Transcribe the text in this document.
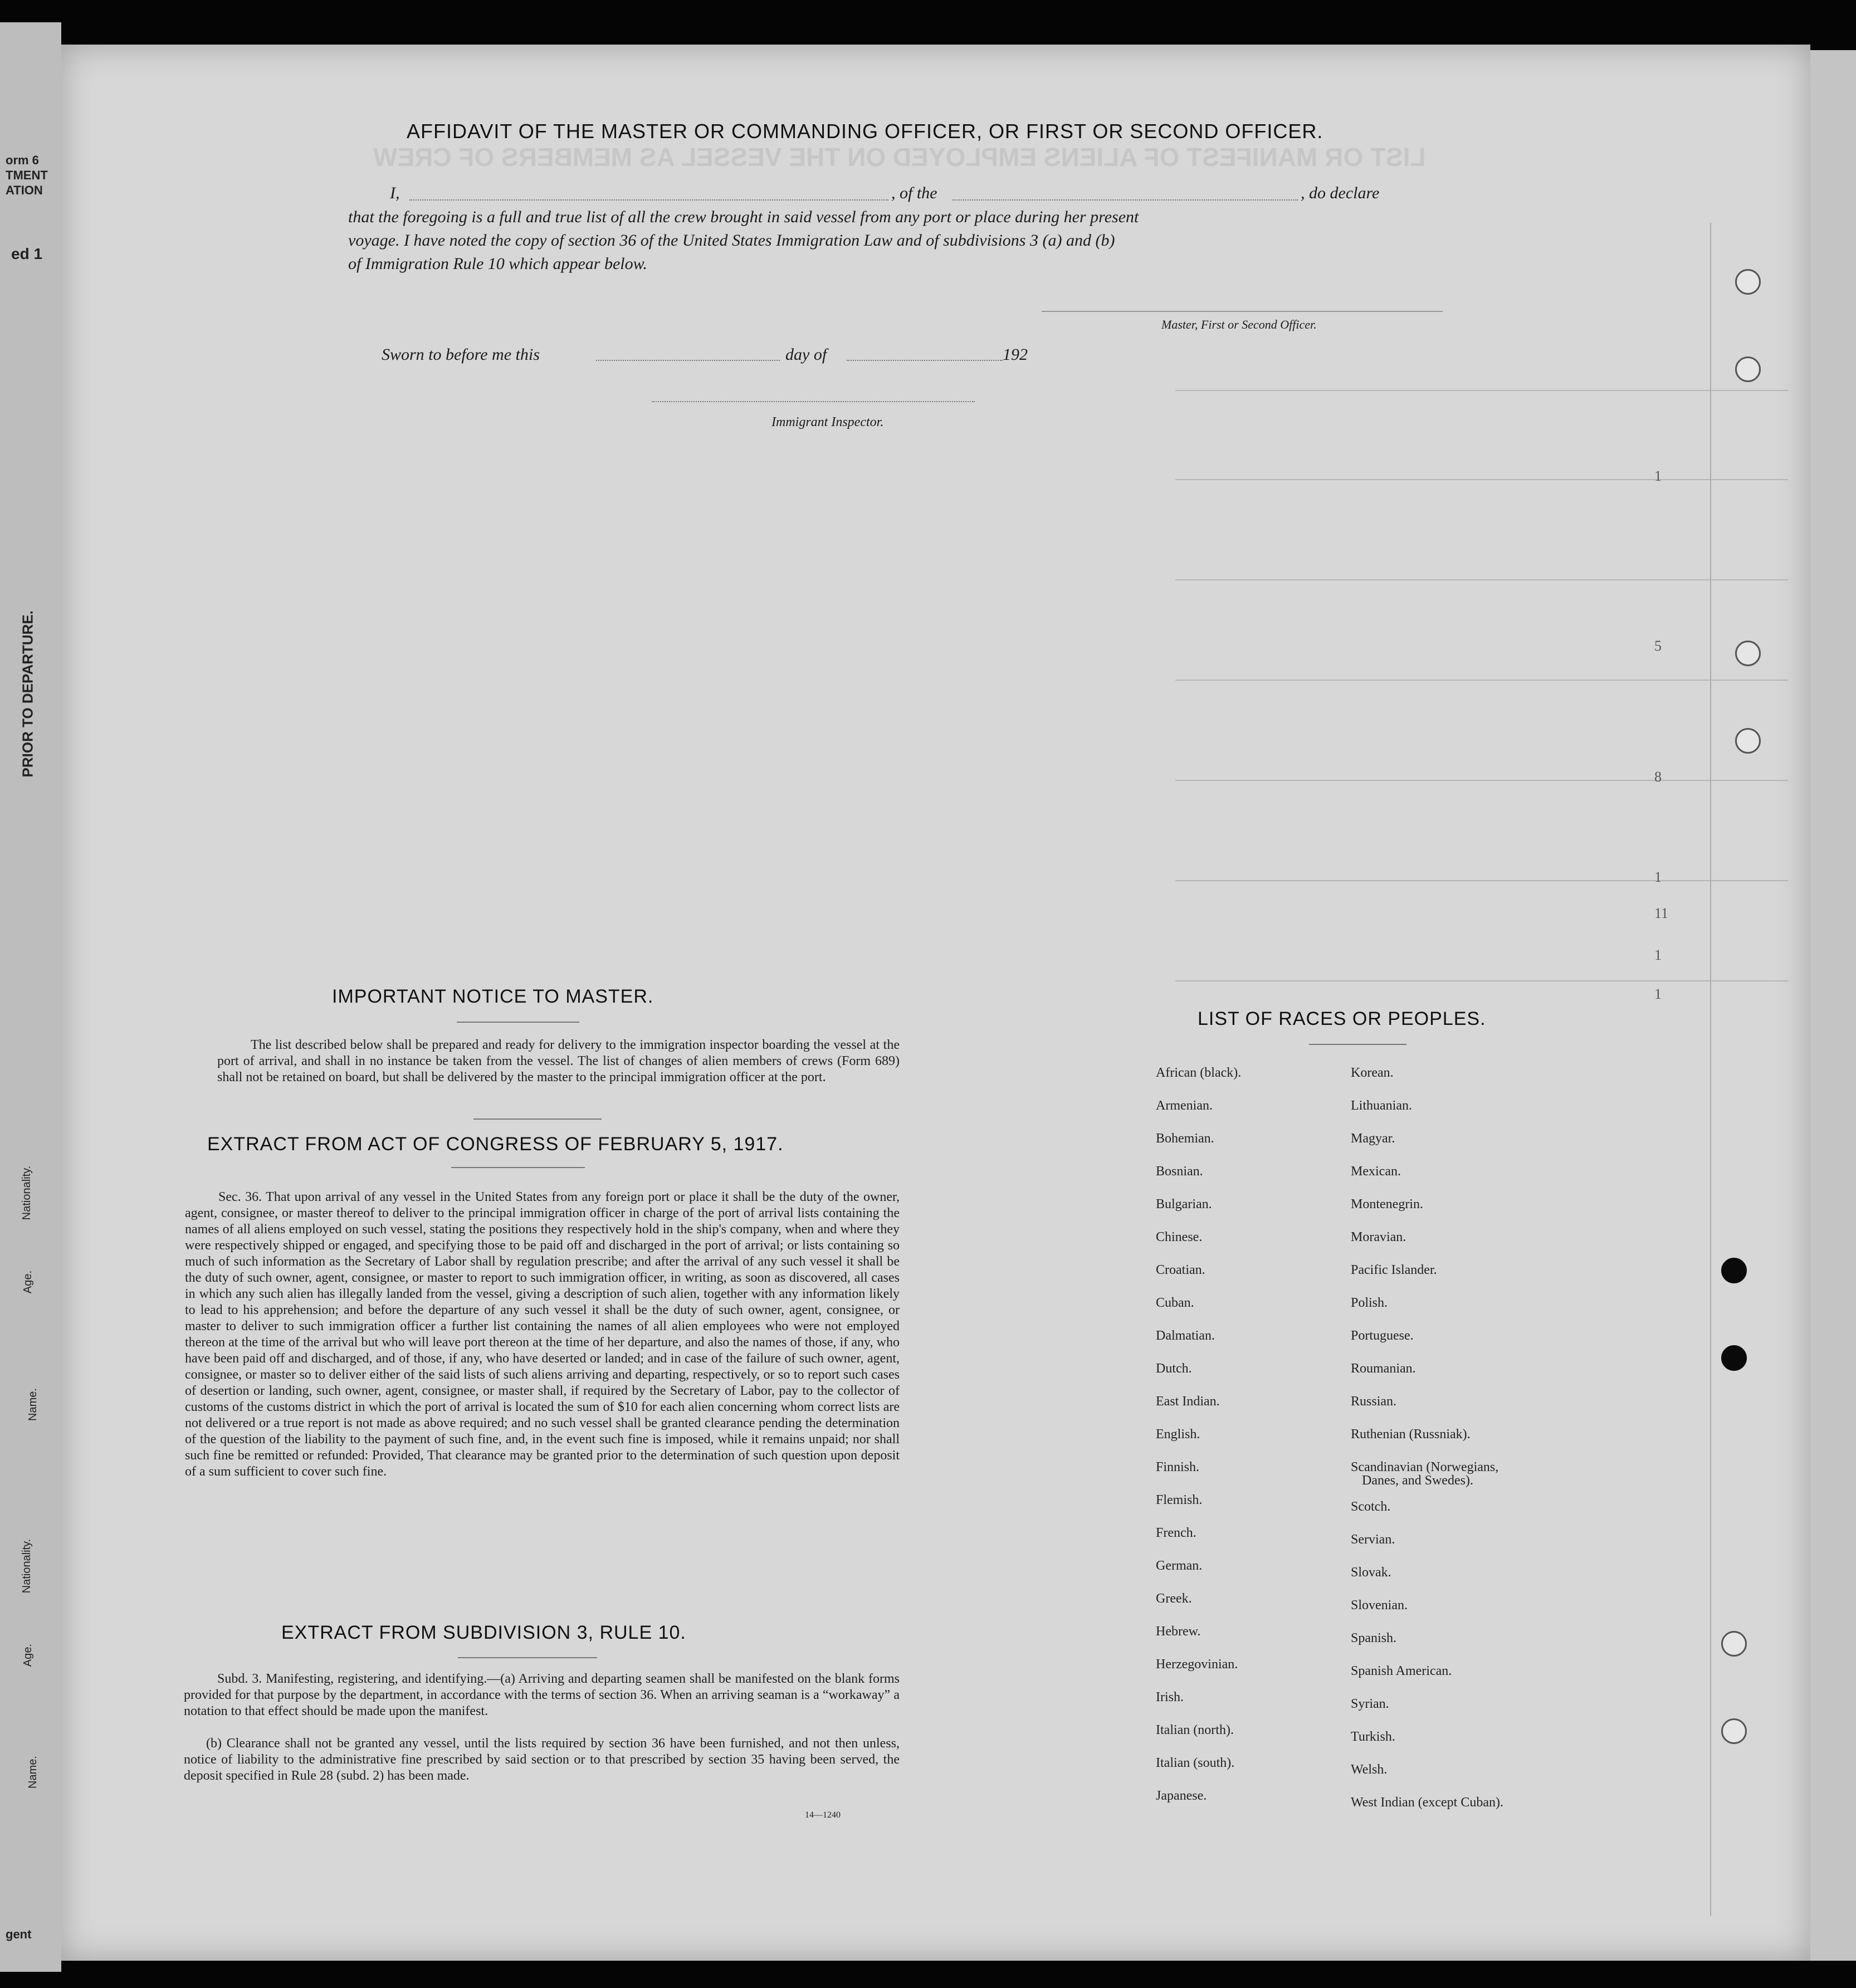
orm 6
TMENT
ATION
ed 1
PRIOR TO DEPARTURE.
Nationality.
Age.
Name.
Nationality.
Age.
Name.
gent
LIST OR MANIFEST OF ALIENS EMPLOYED ON THE VESSEL AS MEMBERS OF CREW
AFFIDAVIT OF THE MASTER OR COMMANDING OFFICER, OR FIRST OR SECOND OFFICER.
I,	, of the	, do declare
that the foregoing is a full and true list of all the crew brought in said vessel from any port or place during her present
voyage. I have noted the copy of section 36 of the United States Immigration Law and of subdivisions 3 (a) and (b)
of Immigration Rule 10 which appear below.
Master, First or Second Officer.
Sworn to before me this	day of	192
Immigrant Inspector.
IMPORTANT NOTICE TO MASTER.
The list described below shall be prepared and ready for delivery to the immigration inspector boarding the vessel at the port of arrival, and shall in no instance be taken from the vessel. The list of changes of alien members of crews (Form 689) shall not be retained on board, but shall be delivered by the master to the principal immigration officer at the port.
EXTRACT FROM ACT OF CONGRESS OF FEBRUARY 5, 1917.
Sec. 36. That upon arrival of any vessel in the United States from any foreign port or place it shall be the duty of the owner, agent, consignee, or master thereof to deliver to the principal immigration officer in charge of the port of arrival lists containing the names of all aliens employed on such vessel, stating the positions they respectively hold in the ship's company, when and where they were respectively shipped or engaged, and specifying those to be paid off and discharged in the port of arrival; or lists containing so much of such information as the Secretary of Labor shall by regulation prescribe; and after the arrival of any such vessel it shall be the duty of such owner, agent, consignee, or master to report to such immigration officer, in writing, as soon as discovered, all cases in which any such alien has illegally landed from the vessel, giving a description of such alien, together with any information likely to lead to his apprehension; and before the departure of any such vessel it shall be the duty of such owner, agent, consignee, or master to deliver to such immigration officer a further list containing the names of all alien employees who were not employed thereon at the time of the arrival but who will leave port thereon at the time of her departure, and also the names of those, if any, who have been paid off and discharged, and of those, if any, who have deserted or landed; and in case of the failure of such owner, agent, consignee, or master so to deliver either of the said lists of such aliens arriving and departing, respectively, or so to report such cases of desertion or landing, such owner, agent, consignee, or master shall, if required by the Secretary of Labor, pay to the collector of customs of the customs district in which the port of arrival is located the sum of $10 for each alien concerning whom correct lists are not delivered or a true report is not made as above required; and no such vessel shall be granted clearance pending the determination of the question of the liability to the payment of such fine, and, in the event such fine is imposed, while it remains unpaid; nor shall such fine be remitted or refunded: Provided, That clearance may be granted prior to the determination of such question upon deposit of a sum sufficient to cover such fine.
EXTRACT FROM SUBDIVISION 3, RULE 10.
Subd. 3. Manifesting, registering, and identifying.—(a) Arriving and departing seamen shall be manifested on the blank forms provided for that purpose by the department, in accordance with the terms of section 36. When an arriving seaman is a “workaway” a notation to that effect should be made upon the manifest.
(b) Clearance shall not be granted any vessel, until the lists required by section 36 have been furnished, and not then unless, notice of liability to the administrative fine prescribed by said section or to that prescribed by section 35 having been served, the deposit specified in Rule 28 (subd. 2) has been made.
14—1240
LIST OF RACES OR PEOPLES.
African (black).
Armenian.
Bohemian.
Bosnian.
Bulgarian.
Chinese.
Croatian.
Cuban.
Dalmatian.
Dutch.
East Indian.
English.
Finnish.
Flemish.
French.
German.
Greek.
Hebrew.
Herzegovinian.
Irish.
Italian (north).
Italian (south).
Japanese.
Korean.
Lithuanian.
Magyar.
Mexican.
Montenegrin.
Moravian.
Pacific Islander.
Polish.
Portuguese.
Roumanian.
Russian.
Ruthenian (Russniak).
Scandinavian (Norwegians,
Scotch.
Servian.
Slovak.
Slovenian.
Spanish.
Spanish American.
Syrian.
Turkish.
Welsh.
West Indian (except Cuban).
Danes, and Swedes).
1
5
8
1
11
1
1
